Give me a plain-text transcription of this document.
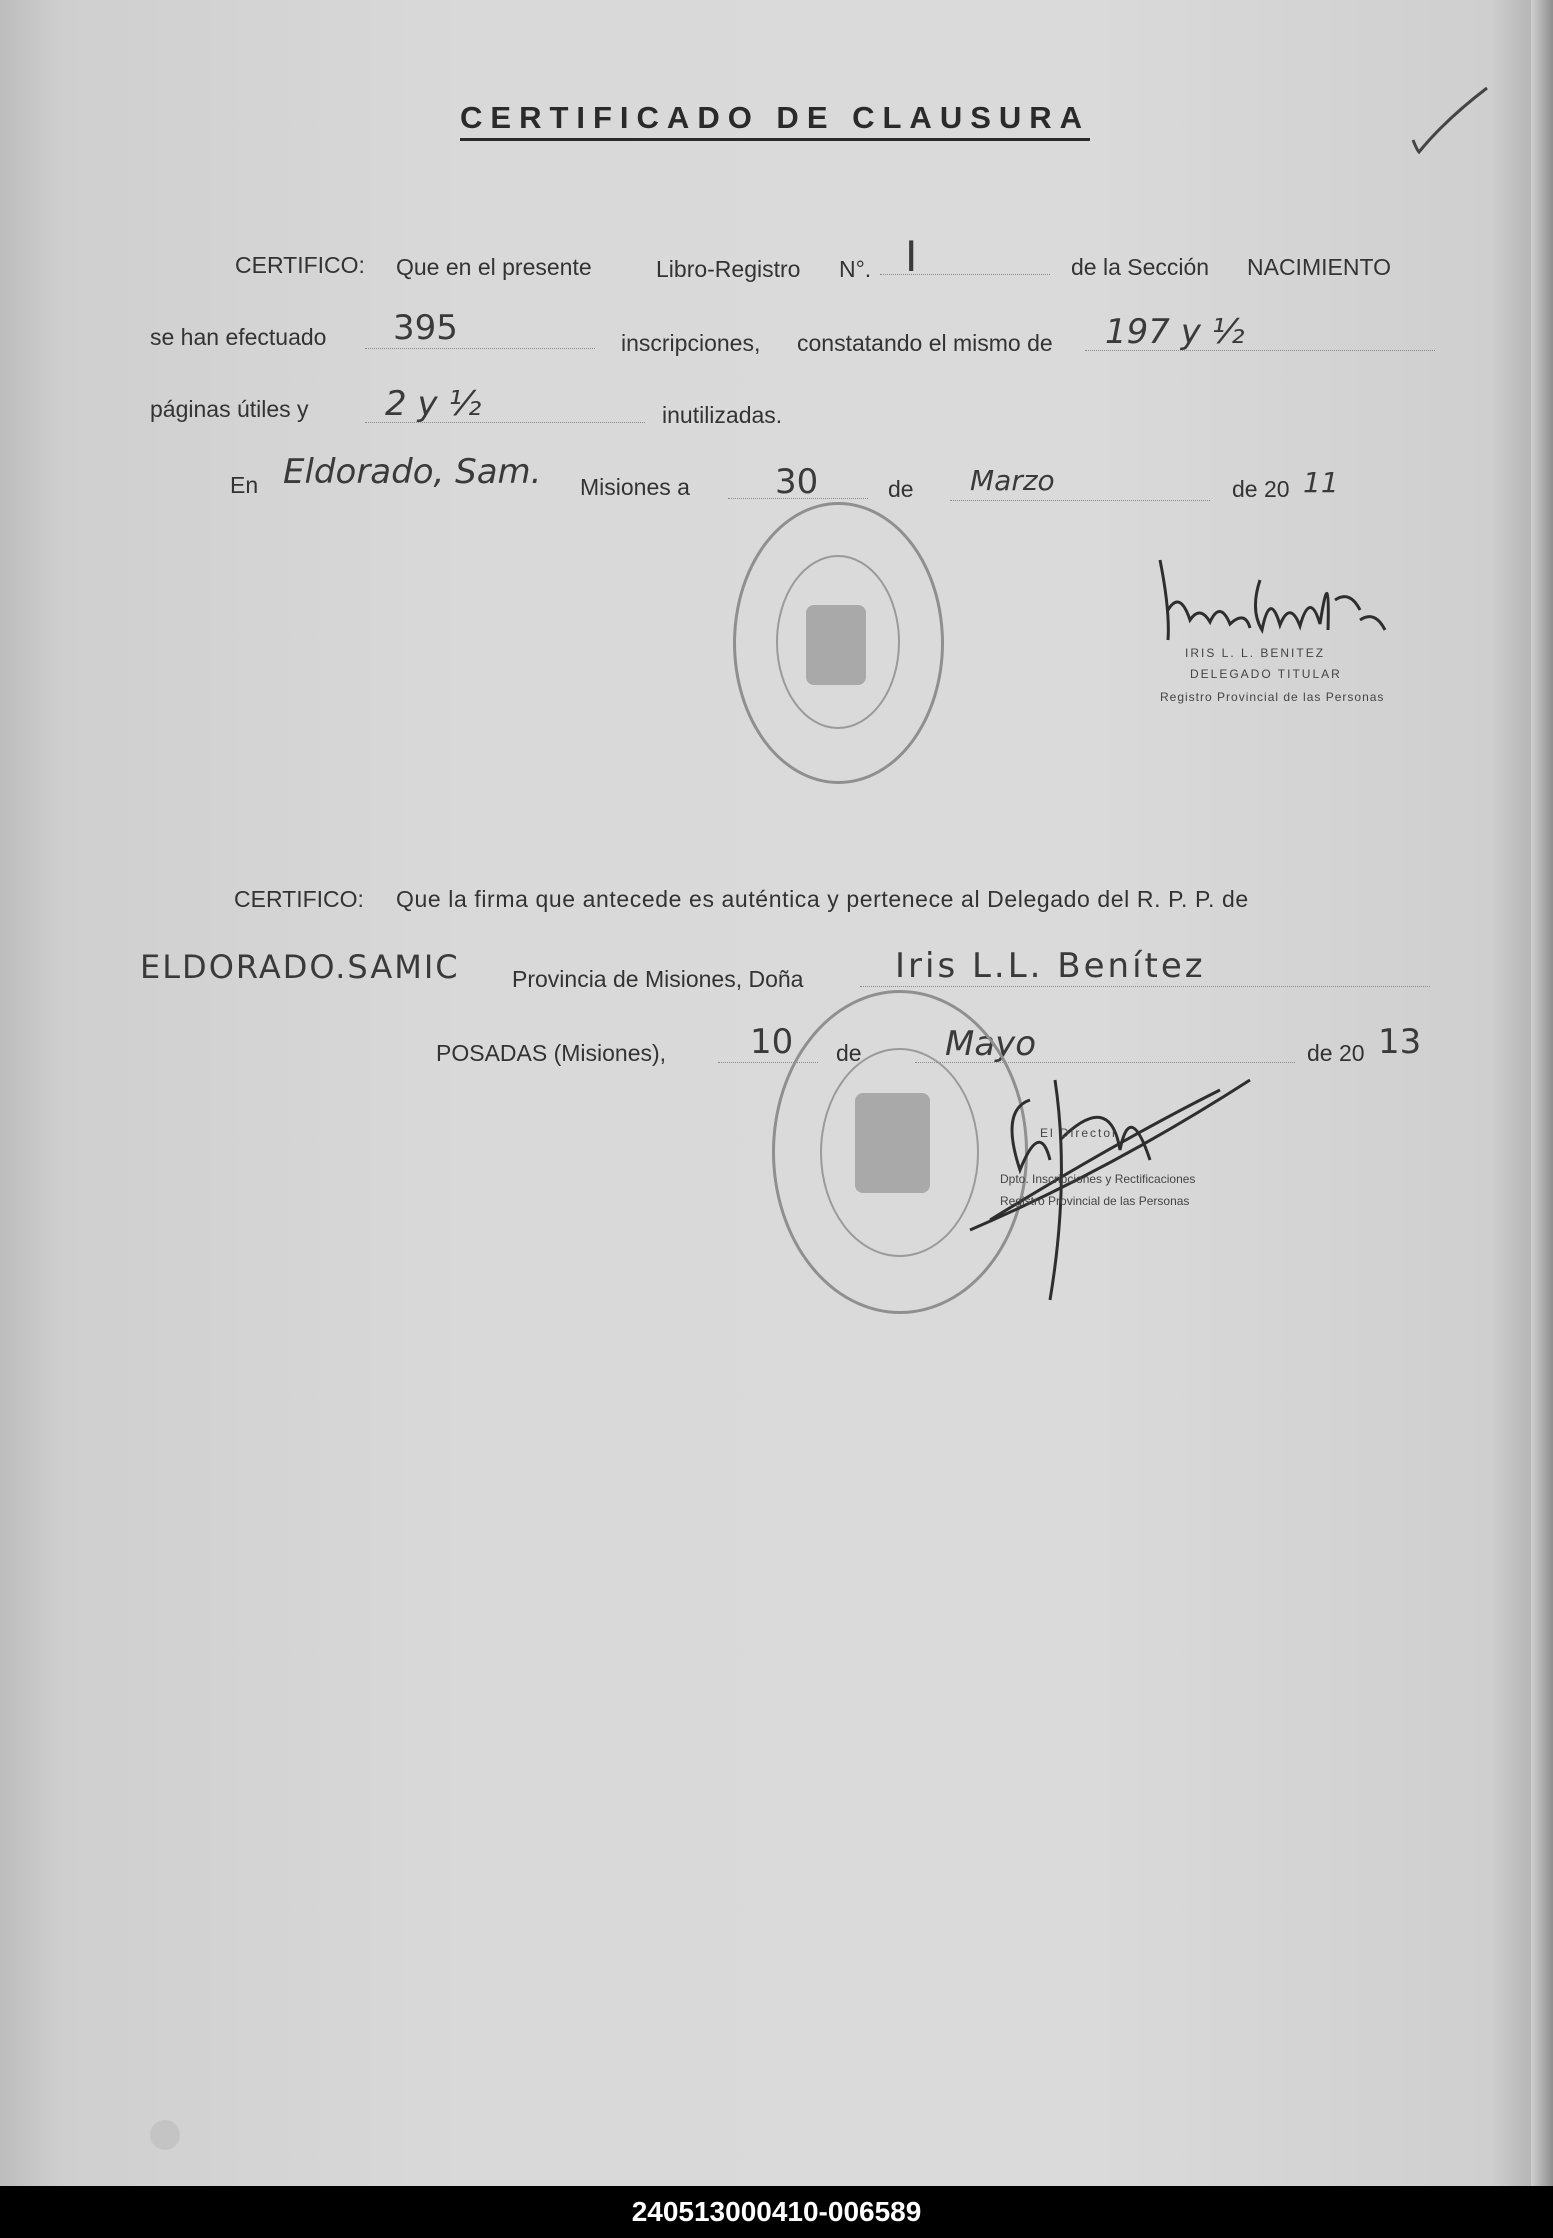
CERTIFICADO DE CLAUSURA
CERTIFICO: Que en el presente	Libro-Registro N°. I	de la Sección NACIMIENTO
se han efectuado 395	inscripciones, constatando el mismo de 197 y ½
páginas útiles y 2 y ½	inutilizadas.
En Eldorado, Sam. Misiones a	30	de Marzo	de 20 11
IRIS L. L. BENITEZ
DELEGADO TITULAR
Registro Provincial de las Personas
CERTIFICO: Que la firma que antecede es auténtica y pertenece al Delegado del R. P. P. de
ELDORADO.SAMIC Provincia de Misiones, Doña	Iris L.L. Benítez
POSADAS (Misiones), 10 de Mayo	de 20 13
El Director
Dpto. Inscripciones y Rectificaciones
Registro Provincial de las Personas
240513000410-006589
